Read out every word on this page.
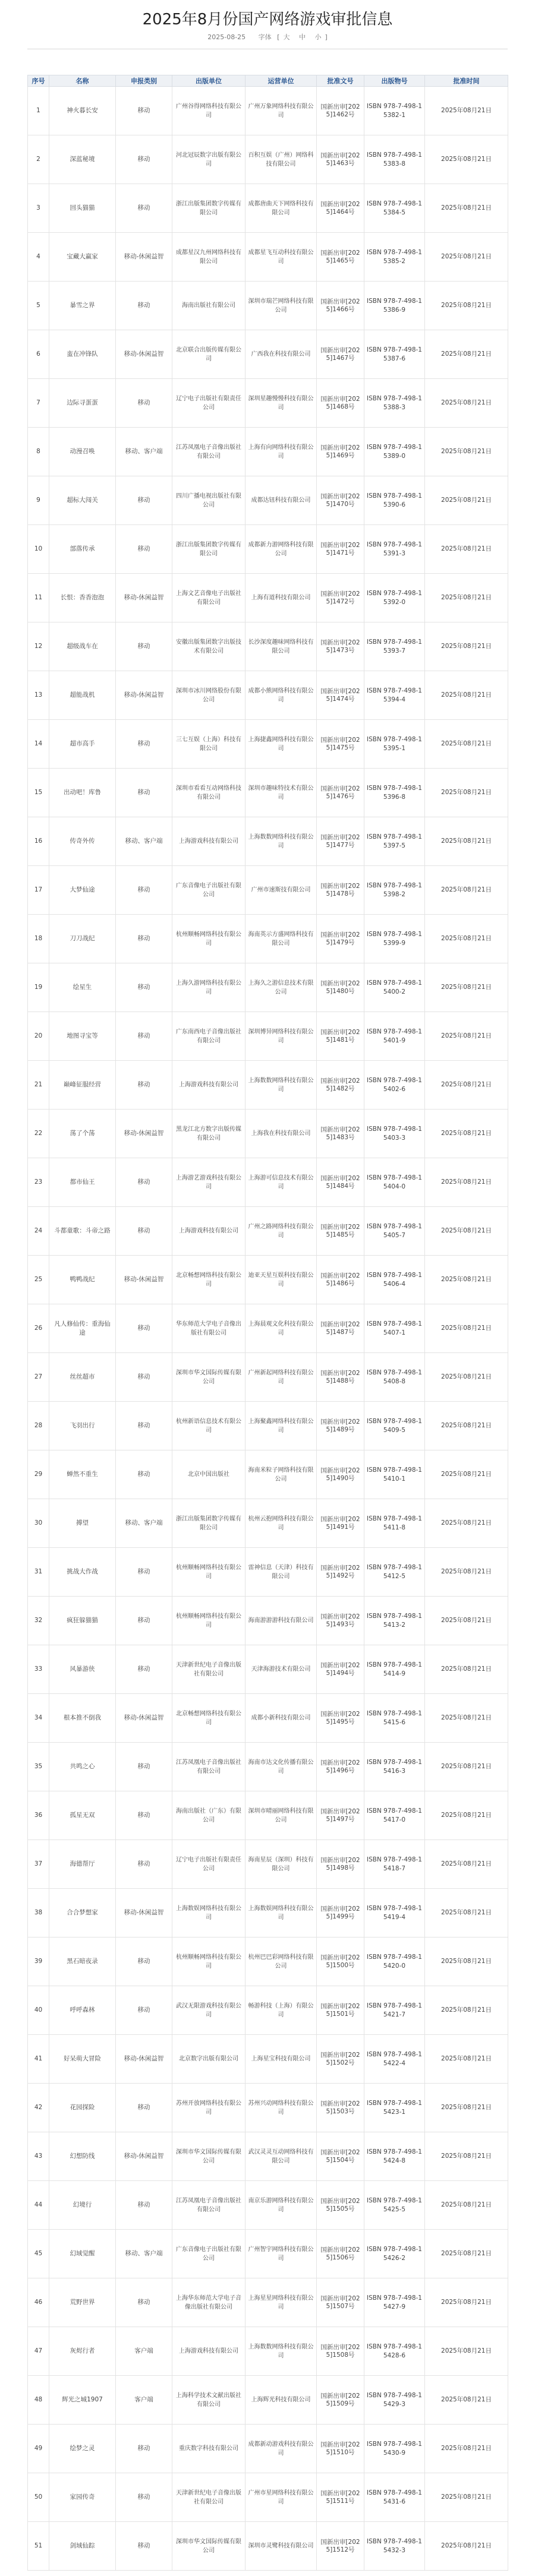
2025年8月份国产网络游戏审批信息
2025-08-25 字体 [ 大 中 小 ]
序号	名称	申报类别	出版单位	运营单位	批准文号	出版物号	批准时间
1	神火暮长安	移动	广州谷得网络科技有限公司	广州万象网络科技有限公司	国新出审[2025]1462号	ISBN 978-7-498-15382-1	2025年08月21日
2	深蓝秘境	移动	河北冠辰数字出版有限公司	百积互娱（广州）网络科技有限公司	国新出审[2025]1463号	ISBN 978-7-498-15383-8	2025年08月21日
3	回头猫猫	移动	浙江出版集团数字传媒有限公司	成都唐曲天下网络科技有限公司	国新出审[2025]1464号	ISBN 978-7-498-15384-5	2025年08月21日
4	宝藏大赢家	移动-休闲益智	成都星汉九州网络科技有限公司	成都星飞互动科技有限公司	国新出审[2025]1465号	ISBN 978-7-498-15385-2	2025年08月21日
5	暴雪之界	移动	海南出版社有限公司	深圳市瑞芒网络科技有限公司	国新出审[2025]1466号	ISBN 978-7-498-15386-9	2025年08月21日
6	蛮在冲锋队	移动-休闲益智	北京联合出版传媒有限公司	广西我在科技有限公司	国新出审[2025]1467号	ISBN 978-7-498-15387-6	2025年08月21日
7	边际寻蛋蛋	移动	辽宁电子出版社有限责任公司	深圳星趣慢慢科技有限公司	国新出审[2025]1468号	ISBN 978-7-498-15388-3	2025年08月21日
8	动漫召唤	移动、客户端	江苏凤凰电子音像出版社有限公司	上海有向网络科技有限公司	国新出审[2025]1469号	ISBN 978-7-498-15389-0	2025年08月21日
9	超标大闯关	移动	四川广播电视出版社有限公司	成都达钮科技有限公司	国新出审[2025]1470号	ISBN 978-7-498-15390-6	2025年08月21日
10	部落传承	移动	浙江出版集团数字传媒有限公司	成都新力游网络科技有限公司	国新出审[2025]1471号	ISBN 978-7-498-15391-3	2025年08月21日
11	长恨：香香泡泡	移动-休闲益智	上海文艺音像电子出版社有限公司	上海有道科技有限公司	国新出审[2025]1472号	ISBN 978-7-498-15392-0	2025年08月21日
12	超级战车在	移动	安徽出版集团数字出版技术有限公司	长沙深度趣味网络科技有限公司	国新出审[2025]1473号	ISBN 978-7-498-15393-7	2025年08月21日
13	超能战机	移动-休闲益智	深圳市冰川网络股份有限公司	成都小熊网络科技有限公司	国新出审[2025]1474号	ISBN 978-7-498-15394-4	2025年08月21日
14	超市高手	移动	三七互娱（上海）科技有限公司	上海捷鑫网络科技有限公司	国新出审[2025]1475号	ISBN 978-7-498-15395-1	2025年08月21日
15	出动吧！库鲁	移动	深圳市看看互动网络科技有限公司	深圳市趣味特技术有限公司	国新出审[2025]1476号	ISBN 978-7-498-15396-8	2025年08月21日
16	传奇外传	移动、客户端	上海游戏科技有限公司	上海数数网络科技有限公司	国新出审[2025]1477号	ISBN 978-7-498-15397-5	2025年08月21日
17	大梦仙途	移动	广东音像电子出版社有限公司	广州市速斯技有限公司	国新出审[2025]1478号	ISBN 978-7-498-15398-2	2025年08月21日
18	刀刀战纪	移动	杭州顺畅网络科技有限公司	海南英示方盛网络科技有限公司	国新出审[2025]1479号	ISBN 978-7-498-15399-9	2025年08月21日
19	绘星生	移动	上海久游网络科技有限公司	上海久之游信息技术有限公司	国新出审[2025]1480号	ISBN 978-7-498-15400-2	2025年08月21日
20	地图寻宝等	移动	广东南西电子音像出版社有限公司	深圳博异网络科技有限公司	国新出审[2025]1481号	ISBN 978-7-498-15401-9	2025年08月21日
21	巅峰征服经营	移动	上海游戏科技有限公司	上海数数网络科技有限公司	国新出审[2025]1482号	ISBN 978-7-498-15402-6	2025年08月21日
22	荡了个荡	移动-休闲益智	黑龙江北方数字出版传媒有限公司	上海我在科技有限公司	国新出审[2025]1483号	ISBN 978-7-498-15403-3	2025年08月21日
23	都市仙王	移动	上海游艺游戏科技有限公司	上海游可信息技术有限公司	国新出审[2025]1484号	ISBN 978-7-498-15404-0	2025年08月21日
24	斗都童歌：斗帝之路	移动	上海游戏科技有限公司	广州之路网络科技有限公司	国新出审[2025]1485号	ISBN 978-7-498-15405-7	2025年08月21日
25	鸭鸭战纪	移动-休闲益智	北京畅想网络科技有限公司	迪亚天星互娱科技有限公司	国新出审[2025]1486号	ISBN 978-7-498-15406-4	2025年08月21日
26	凡人修仙传：重海仙途	移动	华东师范大学电子音像出版社有限公司	上海晨观文化科技有限公司	国新出审[2025]1487号	ISBN 978-7-498-15407-1	2025年08月21日
27	丝丝超市	移动	深圳市华文国际传媒有限公司	广州新起网络科技有限公司	国新出审[2025]1488号	ISBN 978-7-498-15408-8	2025年08月21日
28	飞羽出行	移动	杭州新语信息技术有限公司	上海聚鑫网络科技有限公司	国新出审[2025]1489号	ISBN 978-7-498-15409-5	2025年08月21日
29	蝉然不重生	移动	北京中国出版社	海南米粒子网络科技有限公司	国新出审[2025]1490号	ISBN 978-7-498-15410-1	2025年08月21日
30	搏望	移动、客户端	浙江出版集团数字传媒有限公司	杭州云抱网络科技有限公司	国新出审[2025]1491号	ISBN 978-7-498-15411-8	2025年08月21日
31	挑战大作战	移动	杭州顺畅网络科技有限公司	雷神信息（天津）科技有限公司	国新出审[2025]1492号	ISBN 978-7-498-15412-5	2025年08月21日
32	疯狂躲猫猫	移动	杭州顺畅网络科技有限公司	海南游游游科技有限公司	国新出审[2025]1493号	ISBN 978-7-498-15413-2	2025年08月21日
33	风暴游侠	移动	天津新世纪电子音像出版社有限公司	天津海游技术有限公司	国新出审[2025]1494号	ISBN 978-7-498-15414-9	2025年08月21日
34	根本推不倒我	移动-休闲益智	北京畅想网络科技有限公司	成都小新科技有限公司	国新出审[2025]1495号	ISBN 978-7-498-15415-6	2025年08月21日
35	共鸣之心	移动	江苏凤凰电子音像出版社有限公司	海南市达文化传播有限公司	国新出审[2025]1496号	ISBN 978-7-498-15416-3	2025年08月21日
36	孤星无双	移动	海南出版社（广东）有限公司	深圳市晴丽网络科技有限公司	国新出审[2025]1497号	ISBN 978-7-498-15417-0	2025年08月21日
37	海德帮厅	移动	辽宁电子出版社有限责任公司	海南星辰（深圳）科技有限公司	国新出审[2025]1498号	ISBN 978-7-498-15418-7	2025年08月21日
38	合合梦想家	移动-休闲益智	上海数娱网络科技有限公司	上海数娱网络科技有限公司	国新出审[2025]1499号	ISBN 978-7-498-15419-4	2025年08月21日
39	黑石暗夜录	移动	杭州顺畅网络科技有限公司	杭州巴巴彩网络科技有限公司	国新出审[2025]1500号	ISBN 978-7-498-15420-0	2025年08月21日
40	呼呼森林	移动	武汉无限游戏科技有限公司	畅游科技（上海）有限公司	国新出审[2025]1501号	ISBN 978-7-498-15421-7	2025年08月21日
41	好呆萌大冒险	移动-休闲益智	北京数字出版有限公司	上海星宝科技有限公司	国新出审[2025]1502号	ISBN 978-7-498-15422-4	2025年08月21日
42	花园探险	移动	苏州开放网络科技有限公司	苏州兴动网络科技有限公司	国新出审[2025]1503号	ISBN 978-7-498-15423-1	2025年08月21日
43	幻想防线	移动-休闲益智	深圳市华文国际传媒有限公司	武汉灵灵互动网络科技有限公司	国新出审[2025]1504号	ISBN 978-7-498-15424-8	2025年08月21日
44	幻境行	移动	江苏凤凰电子音像出版社有限公司	南京乐游网络科技有限公司	国新出审[2025]1505号	ISBN 978-7-498-15425-5	2025年08月21日
45	幻域觉醒	移动、客户端	广东音像电子出版社有限公司	广州智宇网络科技有限公司	国新出审[2025]1506号	ISBN 978-7-498-15426-2	2025年08月21日
46	荒野世界	移动	上海华东师范大学电子音像出版社有限公司	上海星星网络科技有限公司	国新出审[2025]1507号	ISBN 978-7-498-15427-9	2025年08月21日
47	灰烬行者	客户端	上海游戏科技有限公司	上海数数网络科技有限公司	国新出审[2025]1508号	ISBN 978-7-498-15428-6	2025年08月21日
48	辉光之城1907	客户端	上海科学技术文献出版社有限公司	上海辉光科技有限公司	国新出审[2025]1509号	ISBN 978-7-498-15429-3	2025年08月21日
49	绘梦之灵	移动	重庆数字科技有限公司	成都新动游戏科技有限公司	国新出审[2025]1510号	ISBN 978-7-498-15430-9	2025年08月21日
50	家园传奇	移动	天津新世纪电子音像出版社有限公司	广州市星网络科技有限公司	国新出审[2025]1511号	ISBN 978-7-498-15431-6	2025年08月21日
51	剑域仙踪	移动	深圳市华文国际传媒有限公司	深圳市灵鹭科技有限公司	国新出审[2025]1512号	ISBN 978-7-498-15432-3	2025年08月21日
